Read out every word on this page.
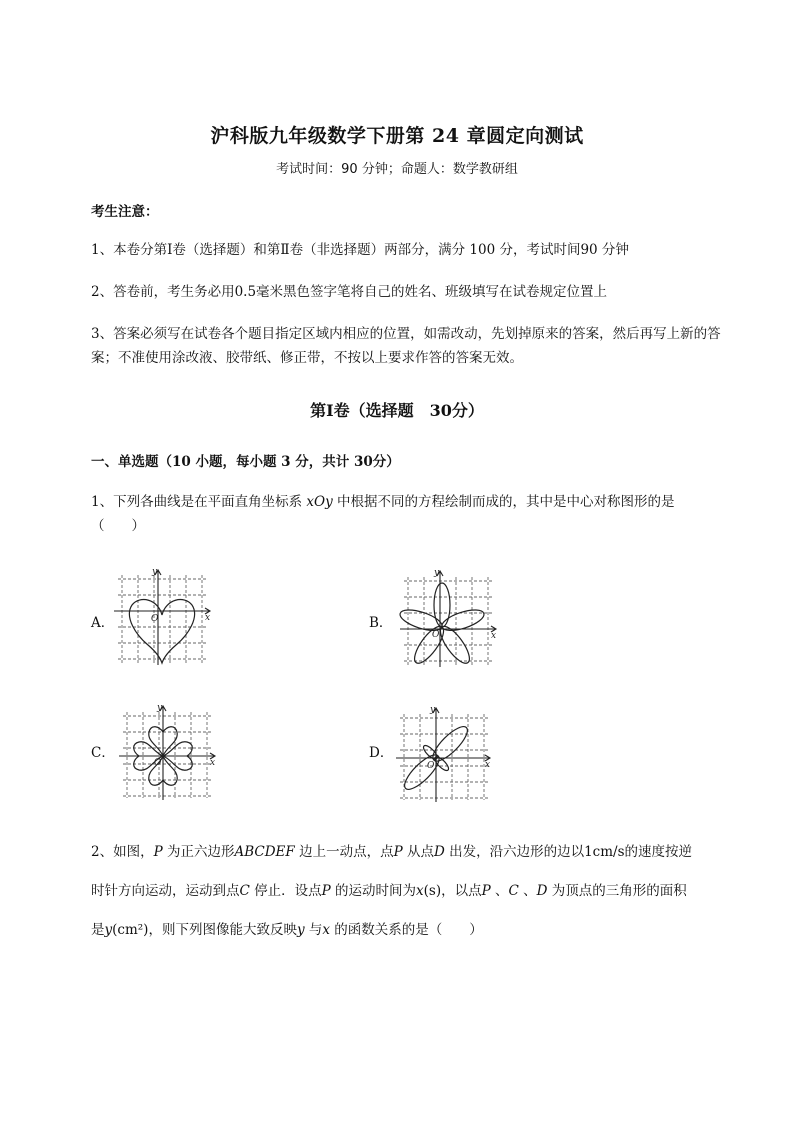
沪科版九年级数学下册第 24 章圆定向测试
考试时间：90 分钟；命题人：数学教研组
考生注意：
1、本卷分第Ⅰ卷（选择题）和第Ⅱ卷（非选择题）两部分，满分 100 分，考试时间90 分钟
2、答卷前，考生务必用0.5毫米黑色签字笔将自己的姓名、班级填写在试卷规定位置上
3、答案必须写在试卷各个题目指定区域内相应的位置，如需改动，先划掉原来的答案，然后再写上新的答案；不准使用涂改液、胶带纸、修正带，不按以上要求作答的答案无效。
第Ⅰ卷（选择题　30分）
一、单选题（10 小题，每小题 3 分，共计 30分）
1、下列各曲线是在平面直角坐标系 xOy 中根据不同的方程绘制而成的，其中是中心对称图形的是
（　　）
A．
y
x
O	B．
y
x
O
C．
y
x
O
D．
y
x
O
2、如图，P 为正六边形ABCDEF 边上一动点，点P 从点D 出发，沿六边形的边以1cm/s的速度按逆
时针方向运动，运动到点C 停止．设点P 的运动时间为x(s)，以点P 、C 、D 为顶点的三角形的面积
是y(cm²)，则下列图像能大致反映y 与x 的函数关系的是（　　）
